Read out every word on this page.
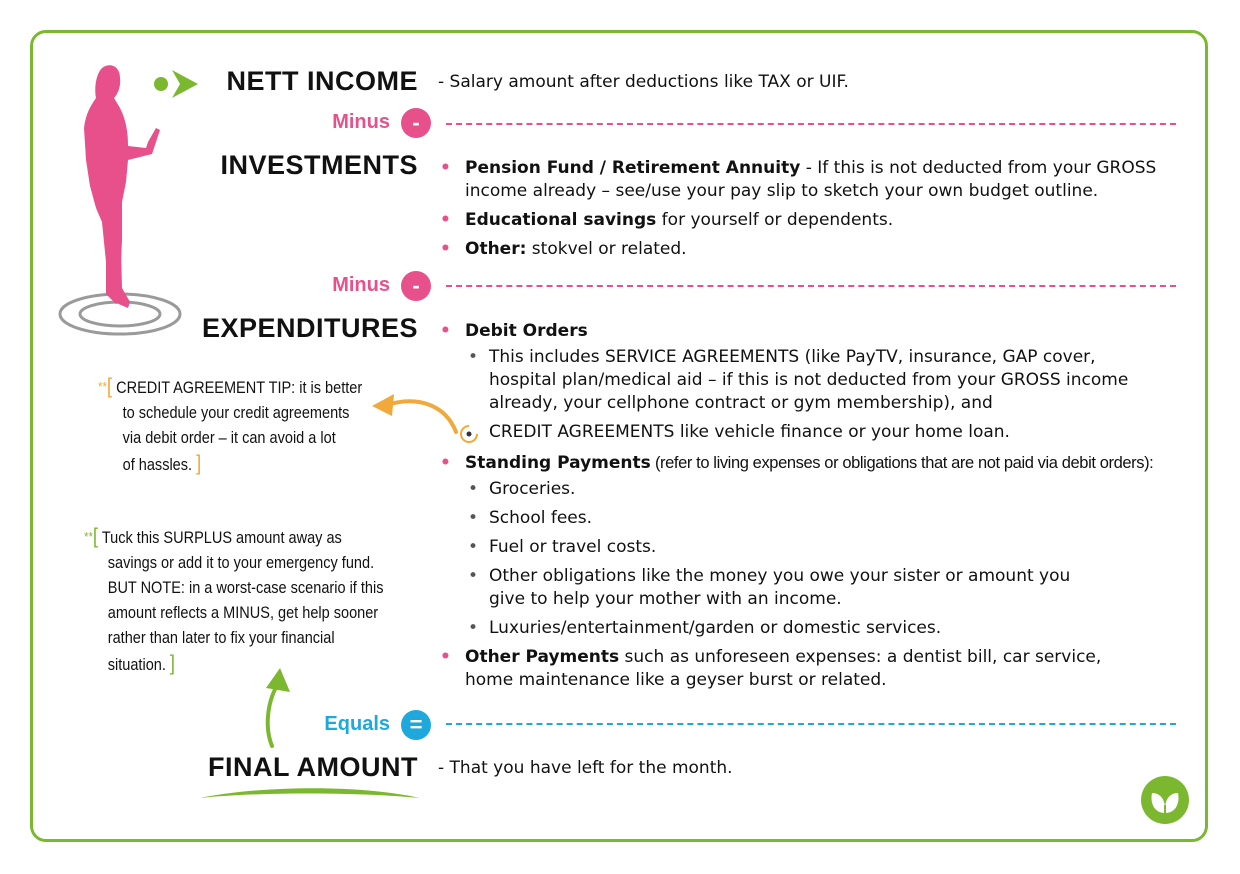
NETT INCOME - Salary amount after deductions like TAX or UIF.
Minus	-
INVESTMENTS • Pension Fund / Retirement Annuity - If this is not deducted from your GROSS
income already – see/use your pay slip to sketch your own budget outline.
• Educational savings for yourself or dependents.
• Other: stokvel or related.
Minus	-
EXPENDITURES • Debit Orders
• This includes SERVICE AGREEMENTS (like PayTV, insurance, GAP cover,
hospital plan/medical aid – if this is not deducted from your GROSS income
already, your cellphone contract or gym membership), and
CREDIT AGREEMENTS like vehicle finance or your home loan.
• Standing Payments (refer to living expenses or obligations that are not paid via debit orders):
• Groceries.
• School fees.
• Fuel or travel costs.
• Other obligations like the money you owe your sister or amount you
give to help your mother with an income.
• Luxuries/entertainment/garden or domestic services.
• Other Payments such as unforeseen expenses: a dentist bill, car service,
home maintenance like a geyser burst or related.
**[ CREDIT AGREEMENT TIP: it is better
to schedule your credit agreements
via debit order – it can avoid a lot
of hassles. ]
**[ Tuck this SURPLUS amount away as
savings or add it to your emergency fund.
BUT NOTE: in a worst-case scenario if this
amount reflects a MINUS, get help sooner
rather than later to fix your financial
situation. ]
Equals =
FINAL AMOUNT - That you have left for the month.
